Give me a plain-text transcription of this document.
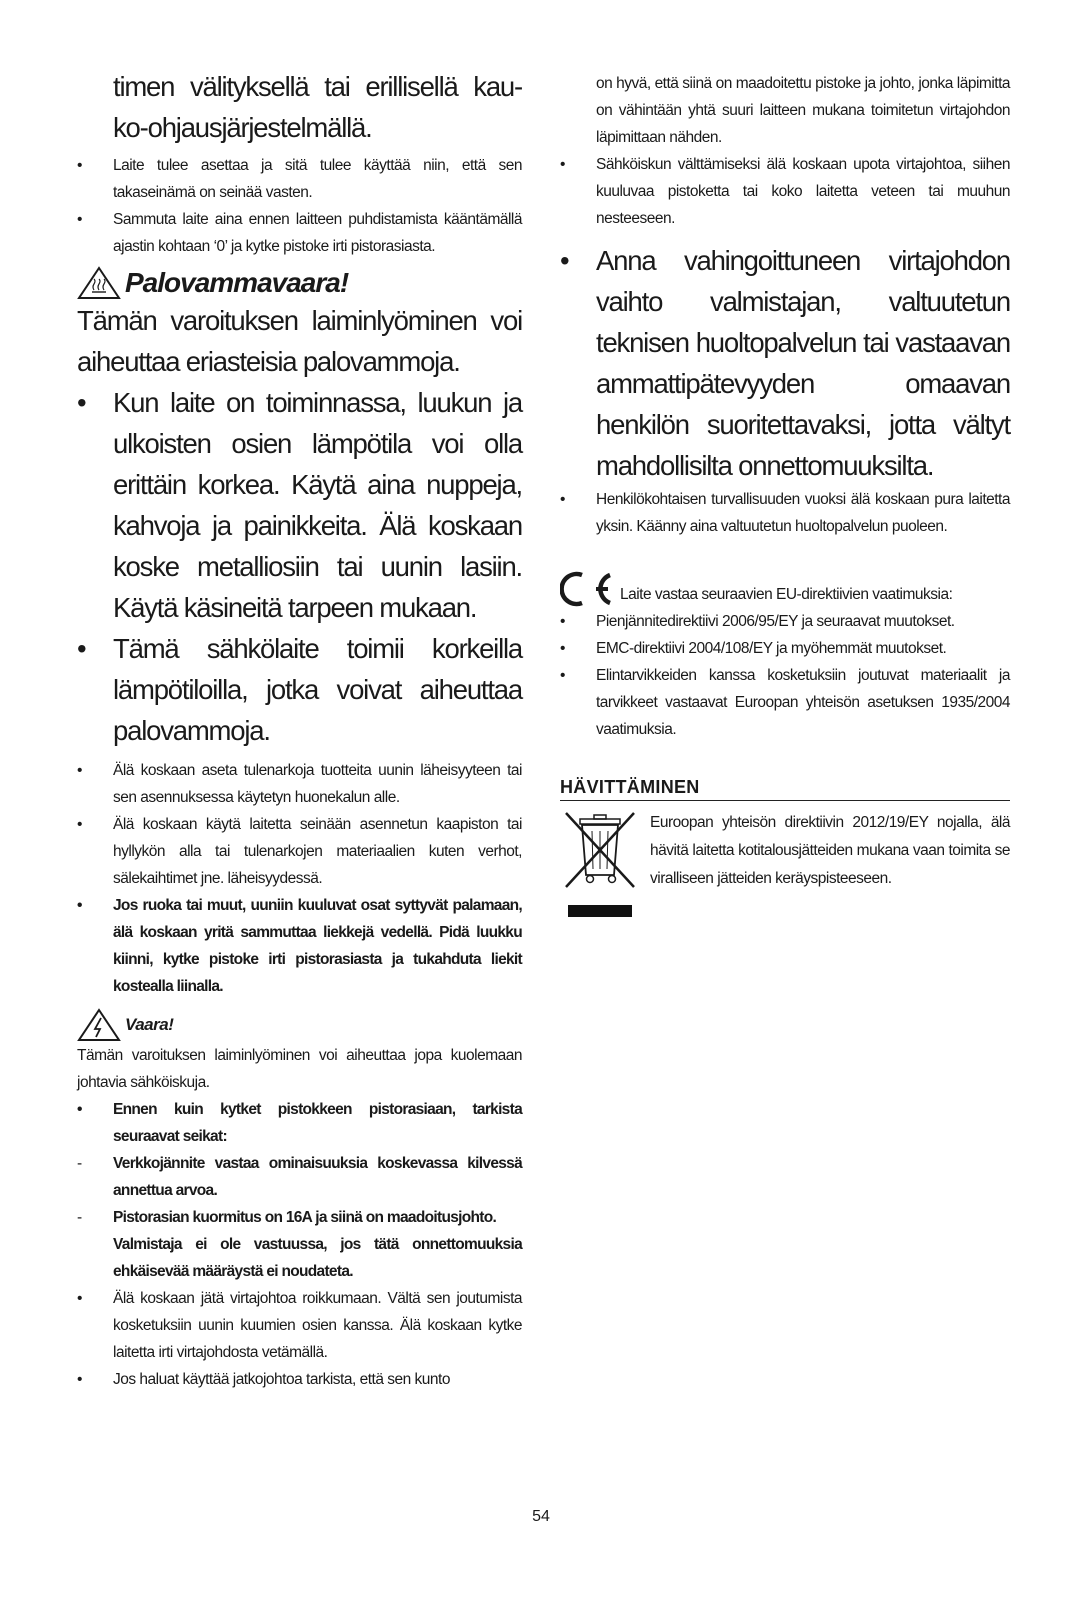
timen välityksellä tai erillisellä kau-
ko-ohjausjärjestelmällä.
•	Laite tulee asettaa ja sitä tulee käyttää niin, että sen takaseinämä on seinää vasten.
•	Sammuta laite aina ennen laitteen puhdistamista kääntämällä ajastin kohtaan ‘0’ ja kytke pistoke irti pistorasiasta.
Palovammavaara!
Tämän varoituksen laiminlyöminen voi aiheuttaa eriasteisia palovammoja.
•	Kun laite on toiminnassa, luukun ja ulkoisten osien lämpötila voi olla erittäin korkea. Käytä aina nuppeja, kahvoja ja painikkeita. Älä koskaan koske metalliosiin tai uunin lasiin. Käytä käsineitä tarpeen mukaan.
•	Tämä sähkölaite toimii korkeilla lämpötiloilla, jotka voivat aiheuttaa palovammoja.
•	Älä koskaan aseta tulenarkoja tuotteita uunin läheisyyteen tai sen asennuksessa käytetyn huonekalun alle.
•	Älä koskaan käytä laitetta seinään asennetun kaapiston tai hyllykön alla tai tulenarkojen materiaalien kuten verhot, sälekaihtimet jne. läheisyydessä.
•	Jos ruoka tai muut, uuniin kuuluvat osat syttyvät palamaan, älä koskaan yritä sammuttaa liekkejä vedellä. Pidä luukku kiinni, kytke pistoke irti pistorasiasta ja tukahduta liekit kostealla liinalla.
Vaara!
Tämän varoituksen laiminlyöminen voi aiheuttaa jopa kuolemaan johtavia sähköiskuja.
•	Ennen kuin kytket pistokkeen pistorasiaan, tarkista seuraavat seikat:
-	Verkkojännite vastaa ominaisuuksia koskevassa kilvessä annettua arvoa.
-	Pistorasian kuormitus on 16A ja siinä on maadoitusjohto.
Valmistaja ei ole vastuussa, jos tätä onnettomuuksia ehkäisevää määräystä ei noudateta.
•	Älä koskaan jätä virtajohtoa roikkumaan. Vältä sen joutumista kosketuksiin uunin kuumien osien kanssa. Älä koskaan kytke laitetta irti virtajohdosta vetämällä.
•	Jos haluat käyttää jatkojohtoa tarkista, että sen kunto
on hyvä, että siinä on maadoitettu pistoke ja johto, jonka läpimitta on vähintään yhtä suuri laitteen mukana toimitetun virtajohdon läpimittaan nähden.
•	Sähköiskun välttämiseksi älä koskaan upota virtajohtoa, siihen kuuluvaa pistoketta tai koko laitetta veteen tai muuhun nesteeseen.
•	Anna vahingoittuneen virtajohdon vaihto valmistajan, valtuutetun teknisen huoltopalvelun tai vastaavan ammattipätevyyden omaavan henkilön suoritettavaksi, jotta vältyt mahdollisilta onnettomuuksilta.
•	Henkilökohtaisen turvallisuuden vuoksi älä koskaan pura laitetta yksin. Käänny aina valtuutetun huoltopalvelun puoleen.
Laite vastaa seuraavien EU-direktiivien vaatimuksia:
•	Pienjännitedirektiivi 2006/95/EY ja seuraavat muutokset.
•	EMC-direktiivi 2004/108/EY ja myöhemmät muutokset.
•	Elintarvikkeiden kanssa kosketuksiin joutuvat materiaalit ja tarvikkeet vastaavat Euroopan yhteisön asetuksen 1935/2004 vaatimuksia.
HÄVITTÄMINEN
Euroopan yhteisön direktiivin 2012/19/EY nojalla, älä hävitä laitetta kotitalousjätteiden mukana vaan toimita se viralliseen jätteiden keräyspisteeseen.
54
